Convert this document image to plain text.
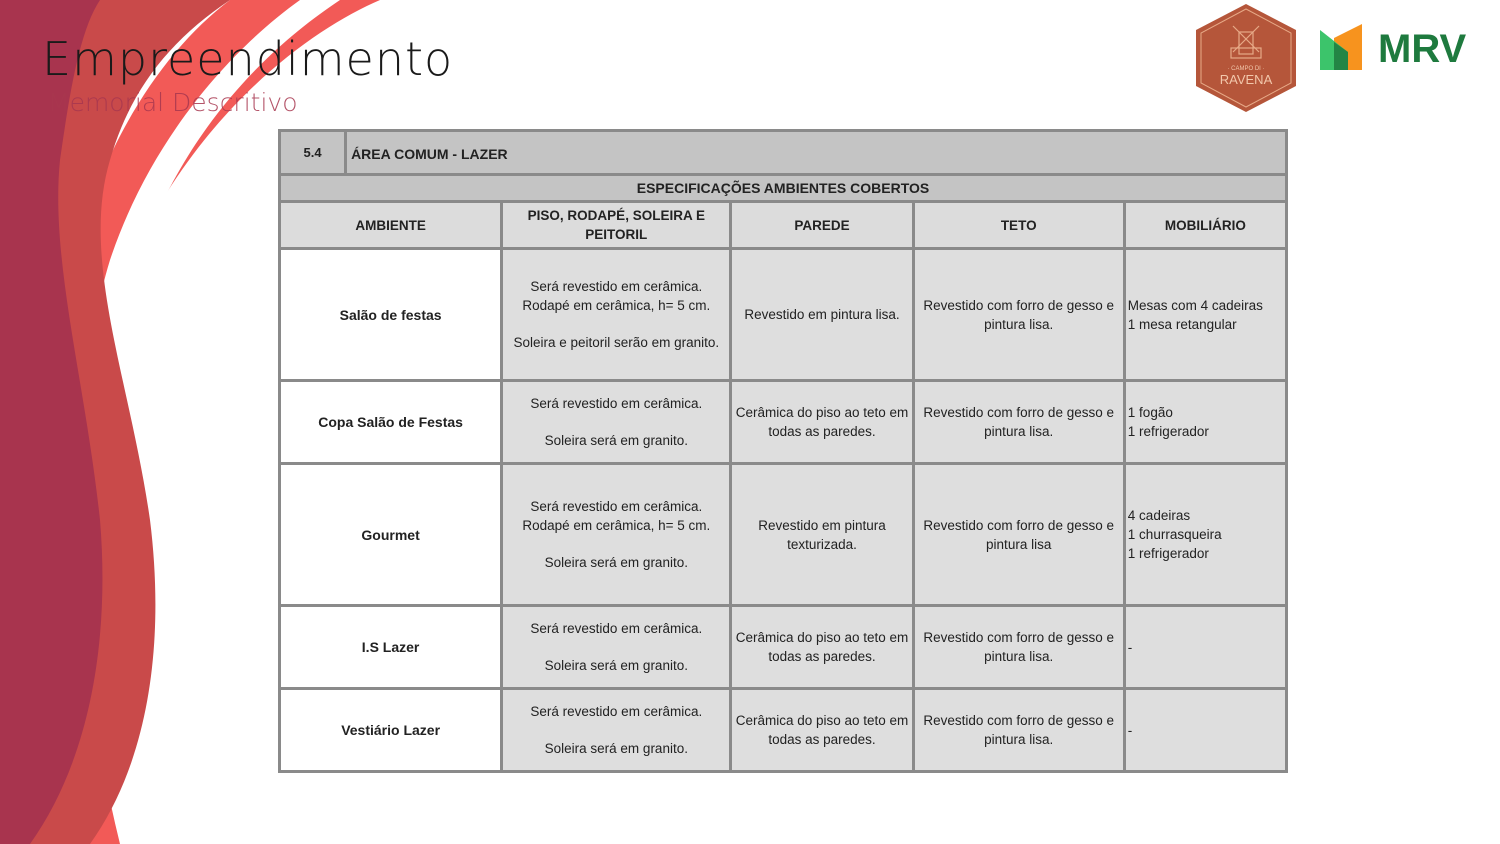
Empreendimento
Memorial Descritivo
· CAMPO DI ·
RAVENA
MRV
5.4	ÁREA COMUM - LAZER				
ESPECIFICAÇÕES AMBIENTES COBERTOS					
AMBIENTE		PISO, RODAPÉ, SOLEIRA E PEITORIL	PAREDE	TETO	MOBILIÁRIO
Salão de festas		Será revestido em cerâmica.
Rodapé em cerâmica, h= 5 cm.
Soleira e peitoril serão em granito.	Revestido em pintura lisa.	Revestido com forro de gesso e pintura lisa.	Mesas com 4 cadeiras
1 mesa retangular

Copa Salão de Festas		Será revestido em cerâmica.
Soleira será em granito.	Cerâmica do piso ao teto em todas as paredes.	Revestido com forro de gesso e pintura lisa.	1 fogão
1 refrigerador

Gourmet		Será revestido em cerâmica.
Rodapé em cerâmica, h= 5 cm.
Soleira será em granito.	Revestido em pintura texturizada.	Revestido com forro de gesso e pintura lisa	4 cadeiras
1 churrasqueira
1 refrigerador

I.S Lazer		Será revestido em cerâmica.
Soleira será em granito.	Cerâmica do piso ao teto em todas as paredes.	Revestido com forro de gesso e pintura lisa.	-

Vestiário Lazer		Será revestido em cerâmica.
Soleira será em granito.	Cerâmica do piso ao teto em todas as paredes.	Revestido com forro de gesso e pintura lisa.	-
